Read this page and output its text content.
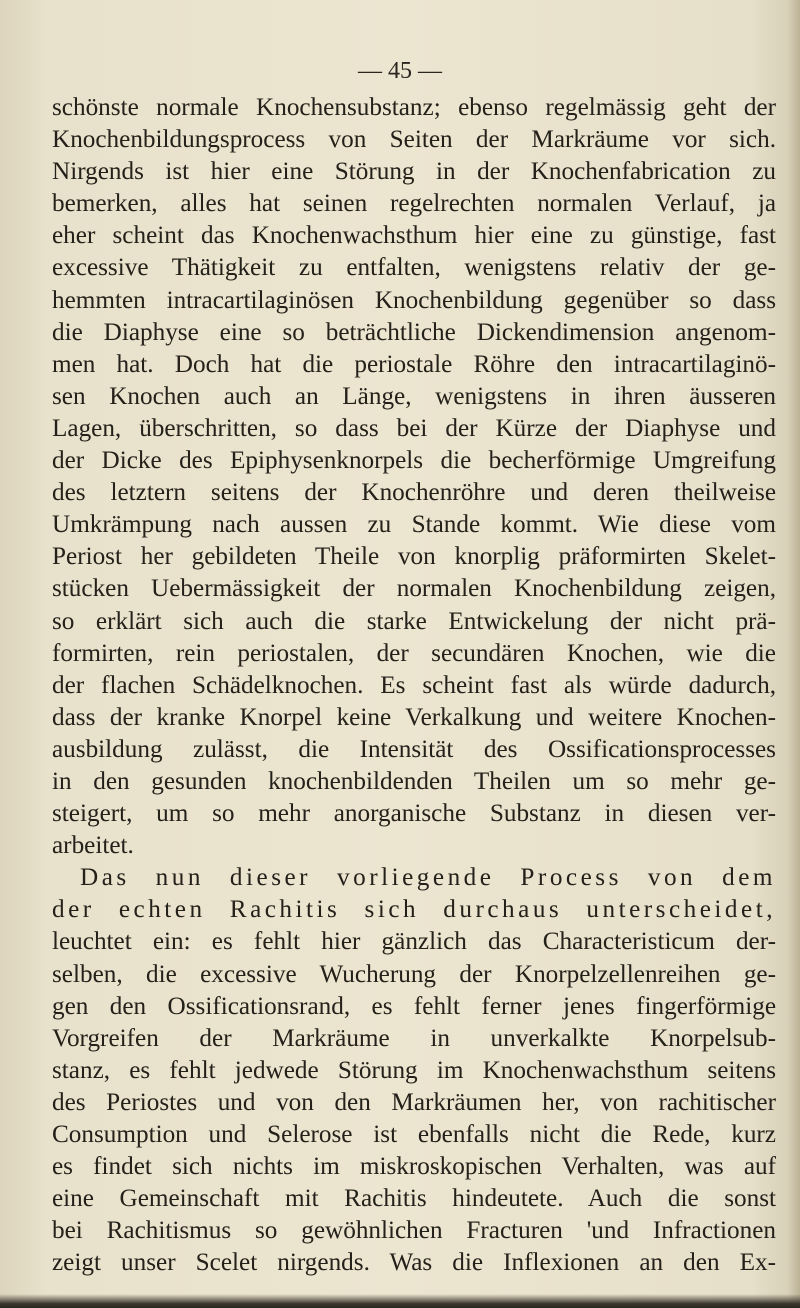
— 45 —
schönste normale Knochensubstanz; ebenso regelmässig geht der
Knochenbildungsprocess von Seiten der Markräume vor sich.
Nirgends ist hier eine Störung in der Knochenfabrication zu
bemerken, alles hat seinen regelrechten normalen Verlauf, ja
eher scheint das Knochenwachsthum hier eine zu günstige, fast
excessive Thätigkeit zu entfalten, wenigstens relativ der ge-
hemmten intracartilaginösen Knochenbildung gegenüber so dass
die Diaphyse eine so beträchtliche Dickendimension angenom-
men hat. Doch hat die periostale Röhre den intracartilaginö-
sen Knochen auch an Länge, wenigstens in ihren äusseren
Lagen, überschritten, so dass bei der Kürze der Diaphyse und
der Dicke des Epiphysenknorpels die becherförmige Umgreifung
des letztern seitens der Knochenröhre und deren theilweise
Umkrämpung nach aussen zu Stande kommt. Wie diese vom
Periost her gebildeten Theile von knorplig präformirten Skelet-
stücken Uebermässigkeit der normalen Knochenbildung zeigen,
so erklärt sich auch die starke Entwickelung der nicht prä-
formirten, rein periostalen, der secundären Knochen, wie die
der flachen Schädelknochen. Es scheint fast als würde dadurch,
dass der kranke Knorpel keine Verkalkung und weitere Knochen-
ausbildung zulässt, die Intensität des Ossificationsprocesses
in den gesunden knochenbildenden Theilen um so mehr ge-
steigert, um so mehr anorganische Substanz in diesen ver-
arbeitet.
Das nun dieser vorliegende Process von dem
der echten Rachitis sich durchaus unterscheidet,
leuchtet ein: es fehlt hier gänzlich das Characteristicum der-
selben, die excessive Wucherung der Knorpelzellenreihen ge-
gen den Ossificationsrand, es fehlt ferner jenes fingerförmige
Vorgreifen der Markräume in unverkalkte Knorpelsub-
stanz, es fehlt jedwede Störung im Knochenwachsthum seitens
des Periostes und von den Markräumen her, von rachitischer
Consumption und Selerose ist ebenfalls nicht die Rede, kurz
es findet sich nichts im miskroskopischen Verhalten, was auf
eine Gemeinschaft mit Rachitis hindeutete. Auch die sonst
bei Rachitismus so gewöhnlichen Fracturen 'und Infractionen
zeigt unser Scelet nirgends. Was die Inflexionen an den Ex-
